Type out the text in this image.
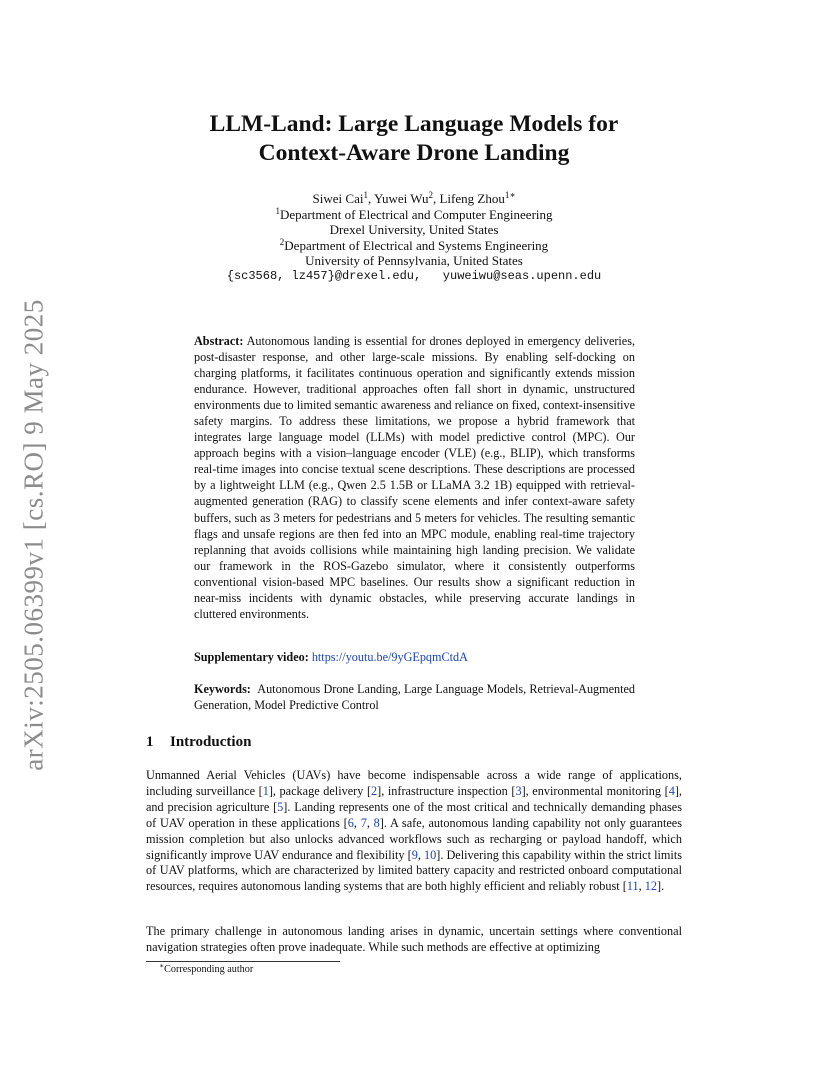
arXiv:2505.06399v1 [cs.RO] 9 May 2025
LLM-Land: Large Language Models for
Context-Aware Drone Landing
Siwei Cai$^1$, Yuwei Wu$^2$, Lifeng Zhou$^{1∗}$
$^1$Department of Electrical and Computer Engineering
Drexel University, United States
$^2$Department of Electrical and Systems Engineering
University of Pennsylvania, United States
{sc3568, lz457}@drexel.edu, yuweiwu@seas.upenn.edu

Abstract: Autonomous landing is essential for drones deployed in emergency deliveries, post-disaster response, and other large-scale missions. By enabling self-docking on charging platforms, it facilitates continuous operation and significantly extends mission endurance. However, traditional approaches often fall short in dynamic, unstructured environments due to limited semantic awareness and reliance on fixed, context-insensitive safety margins. To address these limitations, we propose a hybrid framework that integrates large language model (LLMs) with model predictive control (MPC). Our approach begins with a vision–language encoder (VLE) (e.g., BLIP), which transforms real-time images into concise textual scene descriptions. These descriptions are processed by a lightweight LLM (e.g., Qwen 2.5 1.5B or LLaMA 3.2 1B) equipped with retrieval-augmented generation (RAG) to classify scene elements and infer context-aware safety buffers, such as 3 meters for pedestrians and 5 meters for vehicles. The resulting semantic flags and unsafe regions are then fed into an MPC module, enabling real-time trajectory replanning that avoids collisions while maintaining high landing precision. We validate our framework in the ROS-Gazebo simulator, where it consistently outperforms conventional vision-based MPC baselines. Our results show a significant reduction in near-miss incidents with dynamic obstacles, while preserving accurate landings in cluttered environments.

Supplementary video: https://youtu.be/9yGEpqmCtdA

Keywords: Autonomous Drone Landing, Large Language Models, Retrieval-Augmented Generation, Model Predictive Control

1 Introduction

Unmanned Aerial Vehicles (UAVs) have become indispensable across a wide range of applications, including surveillance [1], package delivery [2], infrastructure inspection [3], environmental monitoring [4], and precision agriculture [5]. Landing represents one of the most critical and technically demanding phases of UAV operation in these applications [6, 7, 8]. A safe, autonomous landing capability not only guarantees mission completion but also unlocks advanced workflows such as recharging or payload handoff, which significantly improve UAV endurance and flexibility [9, 10]. Delivering this capability within the strict limits of UAV platforms, which are characterized by limited battery capacity and restricted onboard computational resources, requires autonomous landing systems that are both highly efficient and reliably robust [11, 12].

The primary challenge in autonomous landing arises in dynamic, uncertain settings where conventional navigation strategies often prove inadequate. While such methods are effective at optimizing

∗Corresponding author
